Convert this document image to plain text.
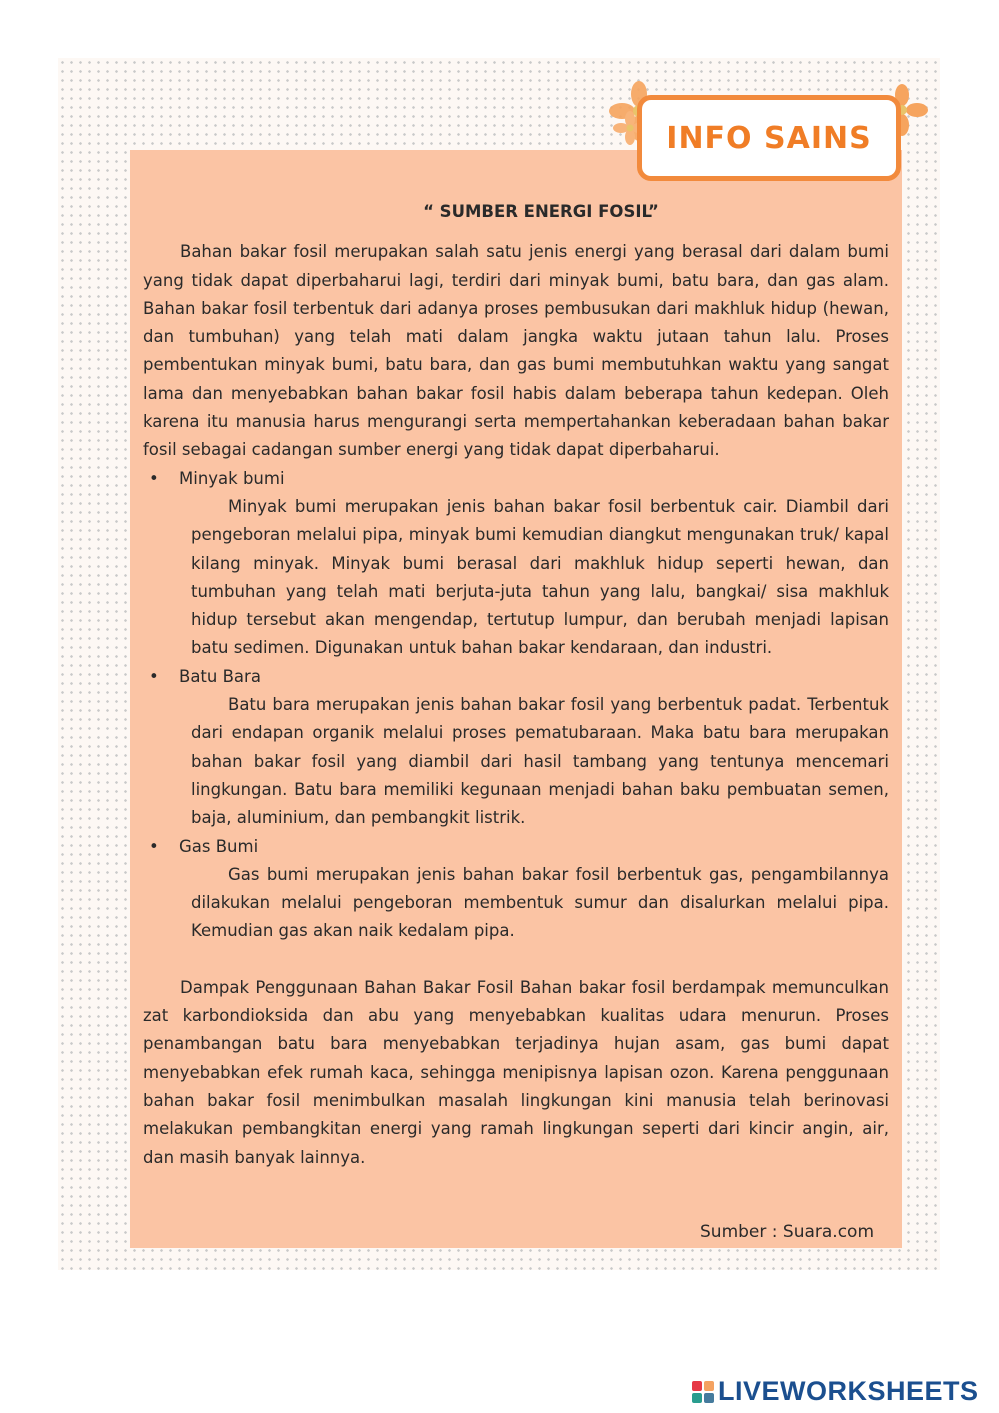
INFO SAINS
“ SUMBER ENERGI FOSIL”

Bahan bakar fosil merupakan salah satu jenis energi yang berasal dari dalam bumi yang tidak dapat diperbaharui lagi, terdiri dari minyak bumi, batu bara, dan gas alam. Bahan bakar fosil terbentuk dari adanya proses pembusukan dari makhluk hidup (hewan, dan tumbuhan) yang telah mati dalam jangka waktu jutaan tahun lalu. Proses pembentukan minyak bumi, batu bara, dan gas bumi membutuhkan waktu yang sangat lama dan menyebabkan bahan bakar fosil habis dalam beberapa tahun kedepan. Oleh karena itu manusia harus mengurangi serta mempertahankan keberadaan bahan bakar fosil sebagai cadangan sumber energi yang tidak dapat diperbaharui.

• Minyak bumi

Minyak bumi merupakan jenis bahan bakar fosil berbentuk cair. Diambil dari pengeboran melalui pipa, minyak bumi kemudian diangkut mengunakan truk/ kapal kilang minyak. Minyak bumi berasal dari makhluk hidup seperti hewan, dan tumbuhan yang telah mati berjuta-juta tahun yang lalu, bangkai/ sisa makhluk hidup tersebut akan mengendap, tertutup lumpur, dan berubah menjadi lapisan batu sedimen. Digunakan untuk bahan bakar kendaraan, dan industri.

• Batu Bara

Batu bara merupakan jenis bahan bakar fosil yang berbentuk padat. Terbentuk dari endapan organik melalui proses pematubaraan. Maka batu bara merupakan bahan bakar fosil yang diambil dari hasil tambang yang tentunya mencemari lingkungan. Batu bara memiliki kegunaan menjadi bahan baku pembuatan semen, baja, aluminium, dan pembangkit listrik.

• Gas Bumi

Gas bumi merupakan jenis bahan bakar fosil berbentuk gas, pengambilannya dilakukan melalui pengeboran membentuk sumur dan disalurkan melalui pipa. Kemudian gas akan naik kedalam pipa.

Dampak Penggunaan Bahan Bakar Fosil Bahan bakar fosil berdampak memunculkan zat karbondioksida dan abu yang menyebabkan kualitas udara menurun. Proses penambangan batu bara menyebabkan terjadinya hujan asam, gas bumi dapat menyebabkan efek rumah kaca, sehingga menipisnya lapisan ozon. Karena penggunaan bahan bakar fosil menimbulkan masalah lingkungan kini manusia telah berinovasi melakukan pembangkitan energi yang ramah lingkungan seperti dari kincir angin, air, dan masih banyak lainnya.

Sumber : Suara.com
LIVEWORKSHEETS
